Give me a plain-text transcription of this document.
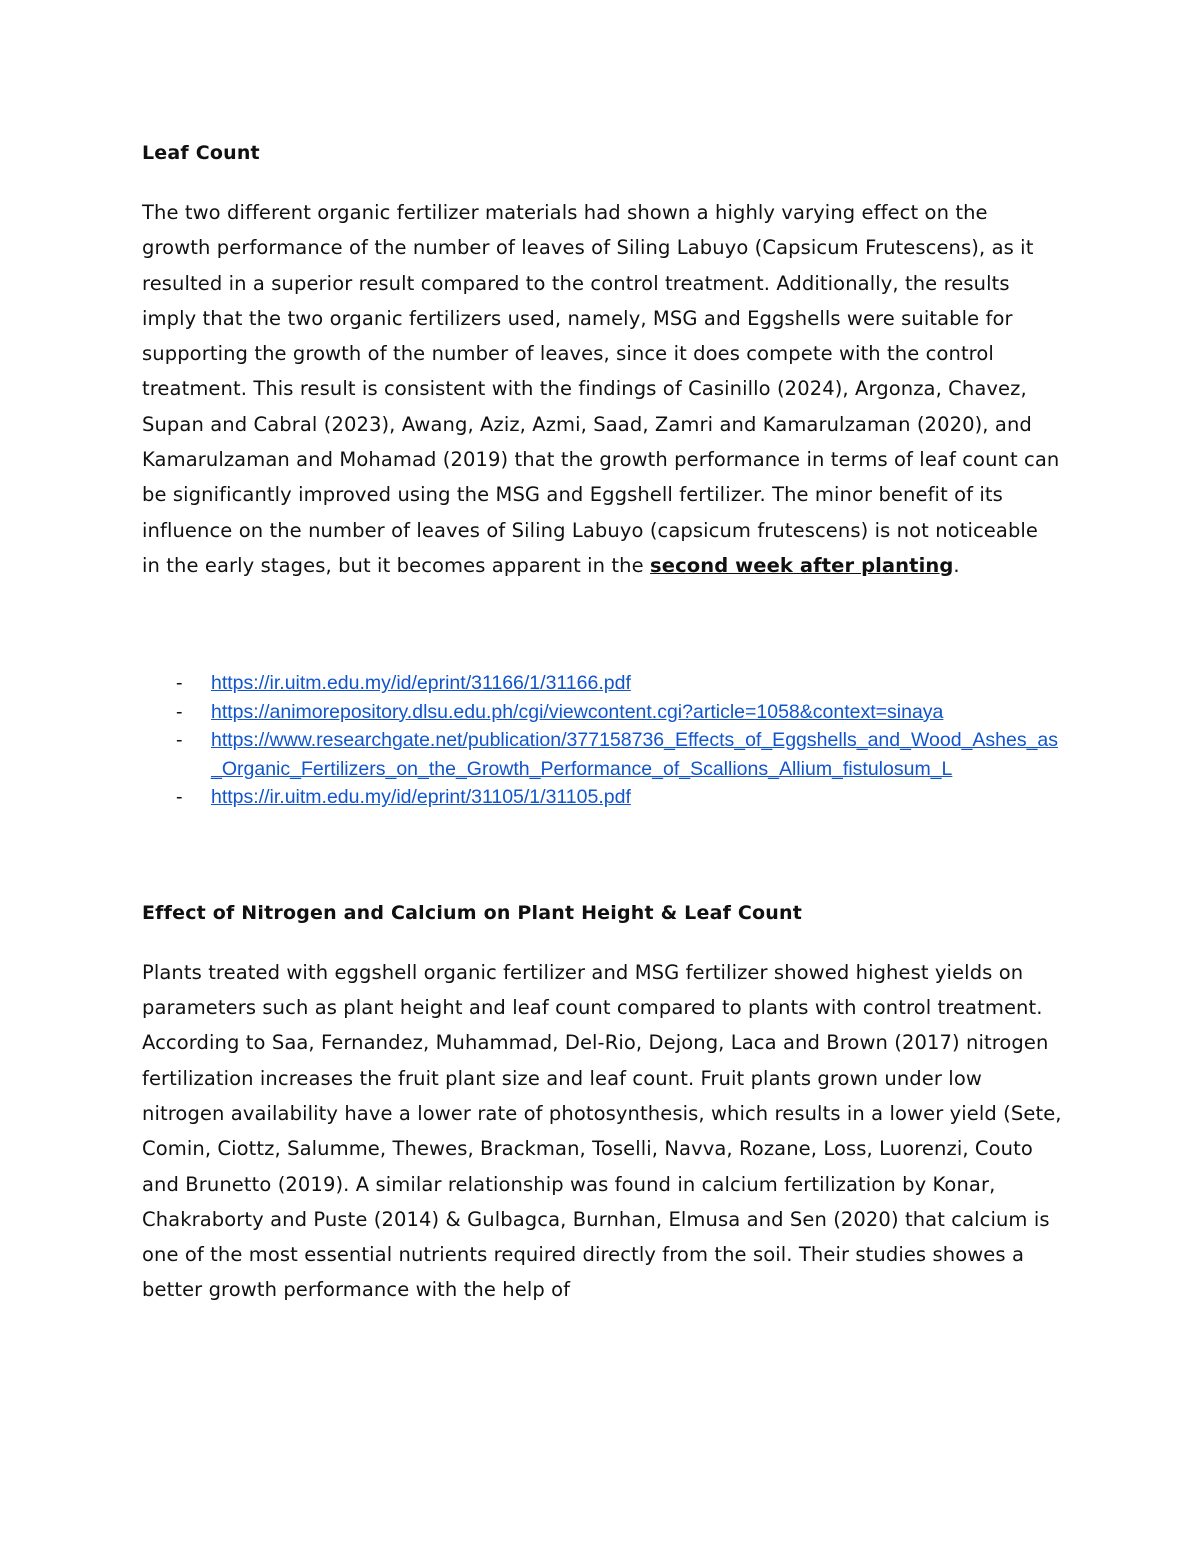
Leaf Count

The two different organic fertilizer materials had shown a highly varying effect on the growth performance of the number of leaves of Siling Labuyo (Capsicum Frutescens), as it resulted in a superior result compared to the control treatment. Additionally, the results imply that the two organic fertilizers used, namely, MSG and Eggshells were suitable for supporting the growth of the number of leaves, since it does compete with the control treatment. This result is consistent with the findings of Casinillo (2024), Argonza, Chavez, Supan and Cabral (2023), Awang, Aziz, Azmi, Saad, Zamri and Kamarulzaman (2020), and Kamarulzaman and Mohamad (2019) that the growth performance in terms of leaf count can be significantly improved using the MSG and Eggshell fertilizer. The minor benefit of its influence on the number of leaves of Siling Labuyo (capsicum frutescens) is not noticeable in the early stages, but it becomes apparent in the second week after planting.

- https://ir.uitm.edu.my/id/eprint/31166/1/31166.pdf
- https://animorepository.dlsu.edu.ph/cgi/viewcontent.cgi?article=1058&context=sinaya
- https://www.researchgate.net/publication/377158736_Effects_of_Eggshells_and_Wood_Ashes_as_Organic_Fertilizers_on_the_Growth_Performance_of_Scallions_Allium_fistulosum_L
- https://ir.uitm.edu.my/id/eprint/31105/1/31105.pdf
Effect of Nitrogen and Calcium on Plant Height & Leaf Count

Plants treated with eggshell organic fertilizer and MSG fertilizer showed highest yields on parameters such as plant height and leaf count compared to plants with control treatment. According to Saa, Fernandez, Muhammad, Del-Rio, Dejong, Laca and Brown (2017) nitrogen fertilization increases the fruit plant size and leaf count. Fruit plants grown under low nitrogen availability have a lower rate of photosynthesis, which results in a lower yield (Sete, Comin, Ciottz, Salumme, Thewes, Brackman, Toselli, Navva, Rozane, Loss, Luorenzi, Couto and Brunetto (2019). A similar relationship was found in calcium fertilization by Konar, Chakraborty and Puste (2014) & Gulbagca, Burnhan, Elmusa and Sen (2020) that calcium is one of the most essential nutrients required directly from the soil. Their studies showes a better growth performance with the help of
